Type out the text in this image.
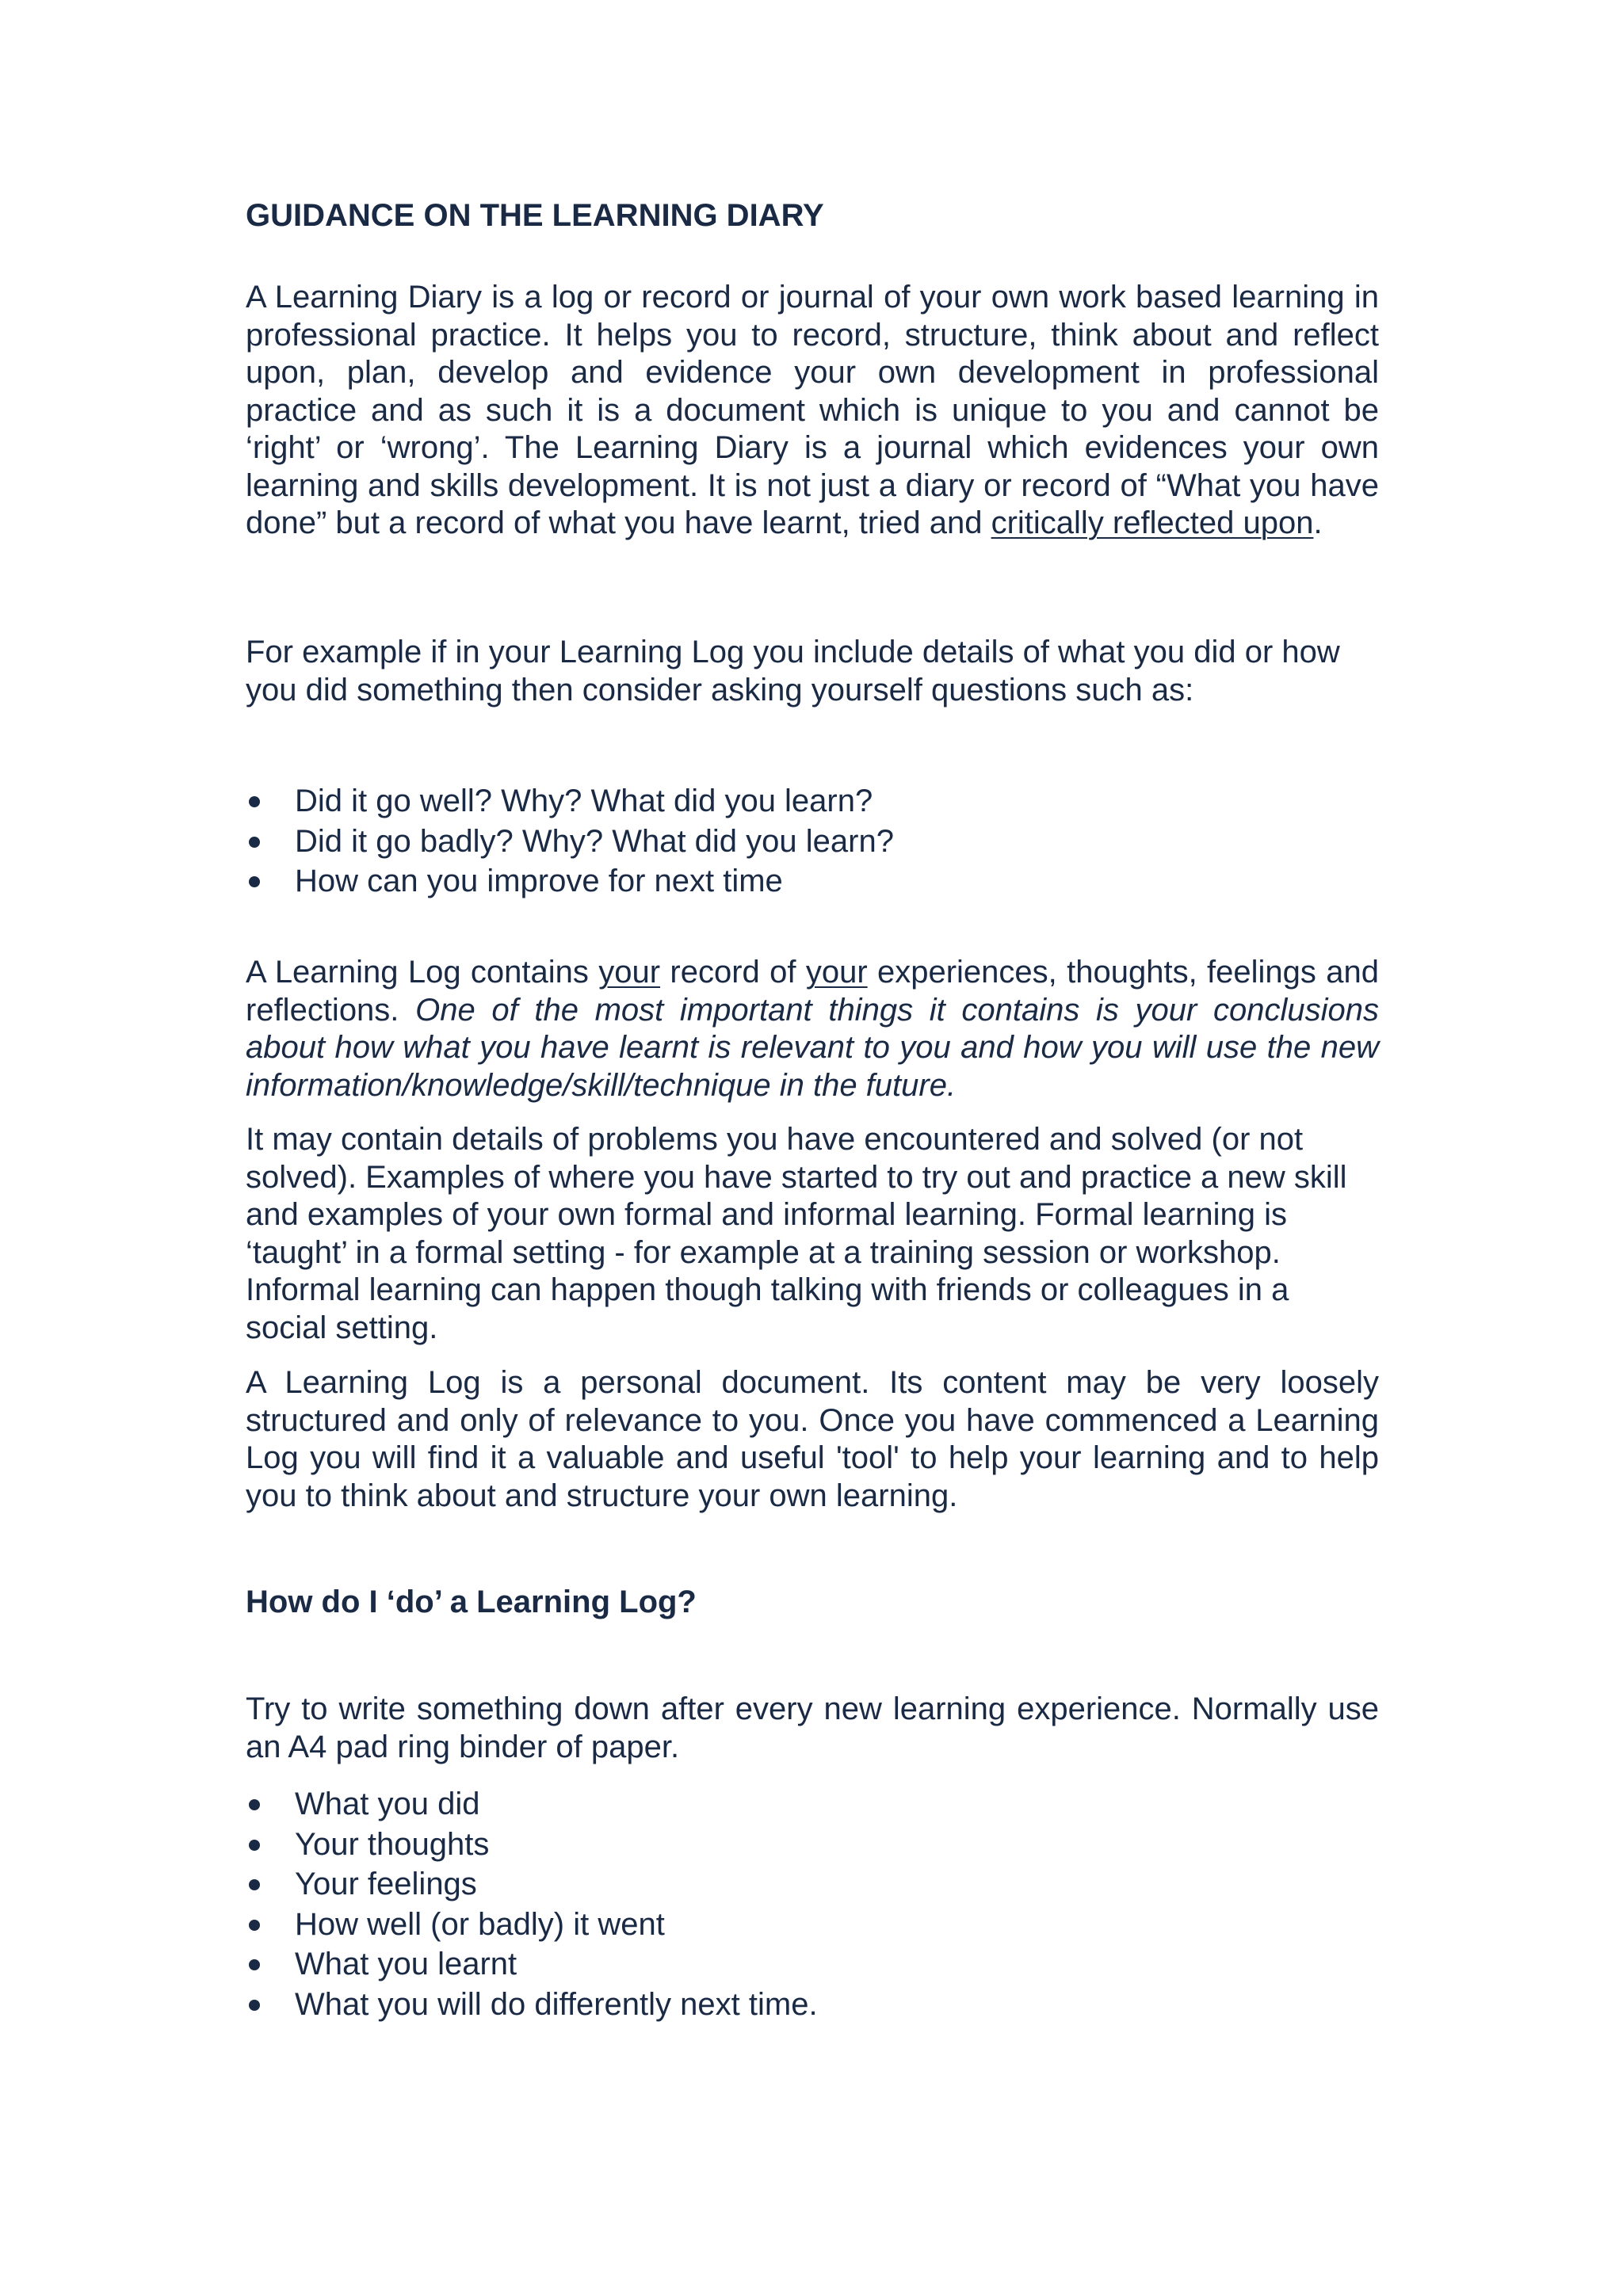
GUIDANCE ON THE LEARNING DIARY

A Learning Diary is a log or record or journal of your own work based learning in professional practice. It helps you to record, structure, think about and reflect upon, plan, develop and evidence your own development in professional practice and as such it is a document which is unique to you and cannot be ‘right’ or ‘wrong’. The Learning Diary is a journal which evidences your own learning and skills development. It is not just a diary or record of “What you have done” but a record of what you have learnt, tried and critically reflected upon.

For example if in your Learning Log you include details of what you did or how you did something then consider asking yourself questions such as:

Did it go well? Why? What did you learn?
Did it go badly? Why? What did you learn?
How can you improve for next time

A Learning Log contains your record of your experiences, thoughts, feelings and reflections. One of the most important things it contains is your conclusions about how what you have learnt is relevant to you and how you will use the new information/knowledge/skill/technique in the future.

It may contain details of problems you have encountered and solved (or not solved). Examples of where you have started to try out and practice a new skill and examples of your own formal and informal learning. Formal learning is ‘taught’ in a formal setting - for example at a training session or workshop. Informal learning can happen though talking with friends or colleagues in a social setting.

A Learning Log is a personal document. Its content may be very loosely structured and only of relevance to you. Once you have commenced a Learning Log you will find it a valuable and useful 'tool' to help your learning and to help you to think about and structure your own learning.

How do I ‘do’ a Learning Log?

Try to write something down after every new learning experience. Normally use an A4 pad ring binder of paper.

What you did
Your thoughts
Your feelings
How well (or badly) it went
What you learnt
What you will do differently next time.
